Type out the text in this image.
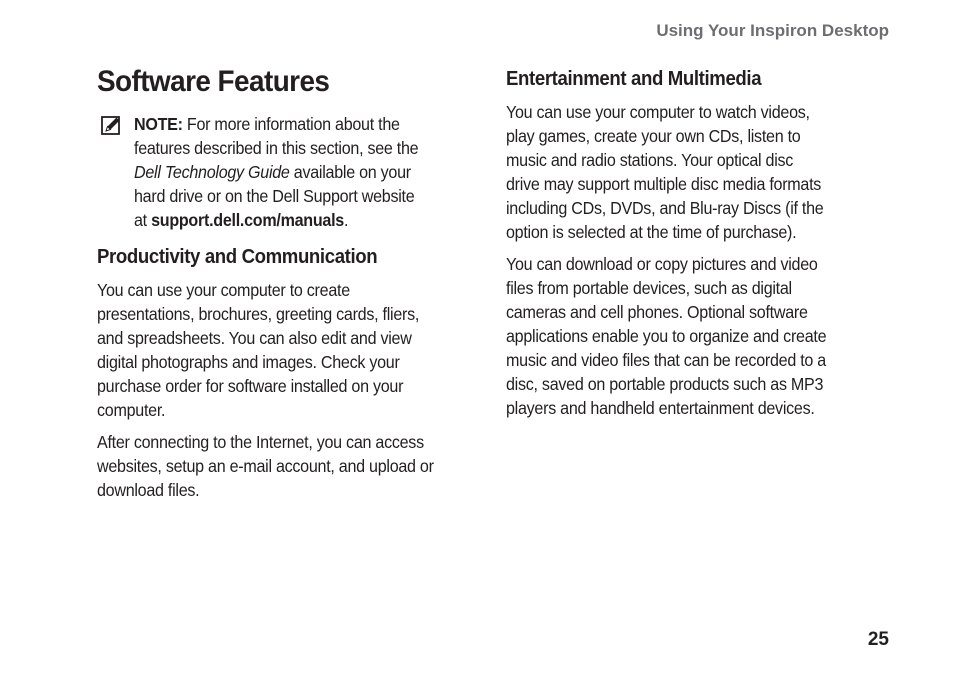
Using Your Inspiron Desktop
Software Features

NOTE: For more information about the
features described in this section, see the
Dell Technology Guide available on your
hard drive or on the Dell Support website
at support.dell.com/manuals.

Productivity and Communication

You can use your computer to create
presentations, brochures, greeting cards, fliers,
and spreadsheets. You can also edit and view
digital photographs and images. Check your
purchase order for software installed on your
computer.

After connecting to the Internet, you can access
websites, setup an e-mail account, and upload or
download files.

Entertainment and Multimedia

You can use your computer to watch videos,
play games, create your own CDs, listen to
music and radio stations. Your optical disc
drive may support multiple disc media formats
including CDs, DVDs, and Blu-ray Discs (if the
option is selected at the time of purchase).

You can download or copy pictures and video
files from portable devices, such as digital
cameras and cell phones. Optional software
applications enable you to organize and create
music and video files that can be recorded to a
disc, saved on portable products such as MP3
players and handheld entertainment devices.

25
